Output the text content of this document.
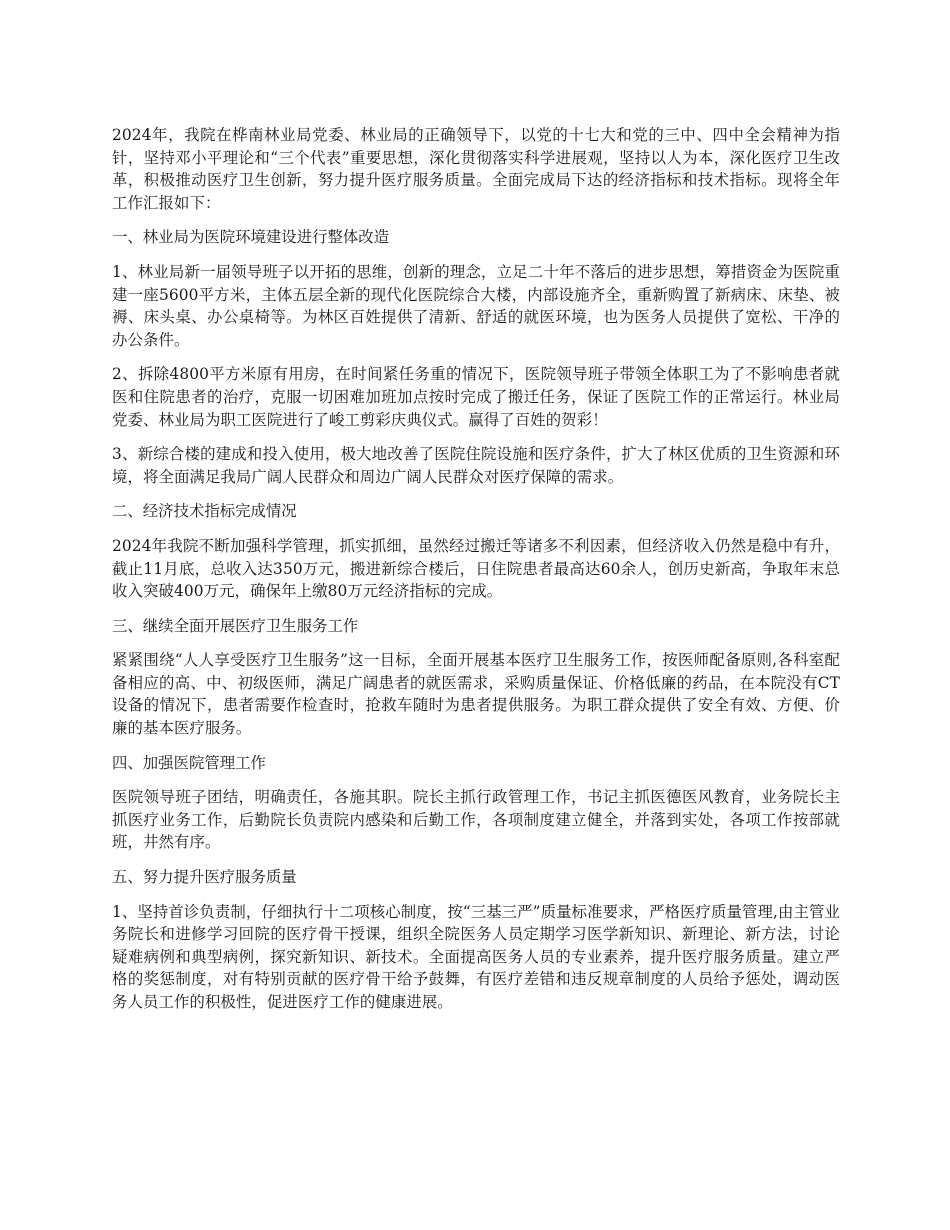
2024年，我院在桦南林业局党委、林业局的正确领导下，以党的十七大和党的三中、四中全会精神为指针，坚持邓小平理论和“三个代表”重要思想，深化贯彻落实科学进展观，坚持以人为本，深化医疗卫生改革，积极推动医疗卫生创新，努力提升医疗服务质量。全面完成局下达的经济指标和技术指标。现将全年工作汇报如下：

一、林业局为医院环境建设进行整体改造

1、林业局新一届领导班子以开拓的思维，创新的理念，立足二十年不落后的进步思想，筹措资金为医院重建一座5600平方米，主体五层全新的现代化医院综合大楼，内部设施齐全，重新购置了新病床、床垫、被褥、床头桌、办公桌椅等。为林区百姓提供了清新、舒适的就医环境，也为医务人员提供了宽松、干净的办公条件。

2、拆除4800平方米原有用房，在时间紧任务重的情况下，医院领导班子带领全体职工为了不影响患者就医和住院患者的治疗，克服一切困难加班加点按时完成了搬迁任务，保证了医院工作的正常运行。林业局党委、林业局为职工医院进行了峻工剪彩庆典仪式。赢得了百姓的贺彩！

3、新综合楼的建成和投入使用，极大地改善了医院住院设施和医疗条件，扩大了林区优质的卫生资源和环境，将全面满足我局广阔人民群众和周边广阔人民群众对医疗保障的需求。

二、经济技术指标完成情况

2024年我院不断加强科学管理，抓实抓细，虽然经过搬迁等诸多不利因素，但经济收入仍然是稳中有升，截止11月底，总收入达350万元，搬进新综合楼后，日住院患者最高达60余人，创历史新高，争取年末总收入突破400万元，确保年上缴80万元经济指标的完成。

三、继续全面开展医疗卫生服务工作

紧紧围绕“人人享受医疗卫生服务”这一目标，全面开展基本医疗卫生服务工作，按医师配备原则,各科室配备相应的高、中、初级医师，满足广阔患者的就医需求，采购质量保证、价格低廉的药品，在本院没有CT设备的情况下，患者需要作检查时，抢救车随时为患者提供服务。为职工群众提供了安全有效、方便、价廉的基本医疗服务。

四、加强医院管理工作

医院领导班子团结，明确责任，各施其职。院长主抓行政管理工作，书记主抓医德医风教育，业务院长主抓医疗业务工作，后勤院长负责院内感染和后勤工作，各项制度建立健全，并落到实处，各项工作按部就班，井然有序。

五、努力提升医疗服务质量

1、坚持首诊负责制，仔细执行十二项核心制度，按“三基三严”质量标准要求，严格医疗质量管理,由主管业务院长和进修学习回院的医疗骨干授课，组织全院医务人员定期学习医学新知识、新理论、新方法，讨论疑难病例和典型病例，探究新知识、新技术。全面提高医务人员的专业素养，提升医疗服务质量。建立严格的奖惩制度，对有特别贡献的医疗骨干给予鼓舞，有医疗差错和违反规章制度的人员给予惩处，调动医务人员工作的积极性，促进医疗工作的健康进展。
